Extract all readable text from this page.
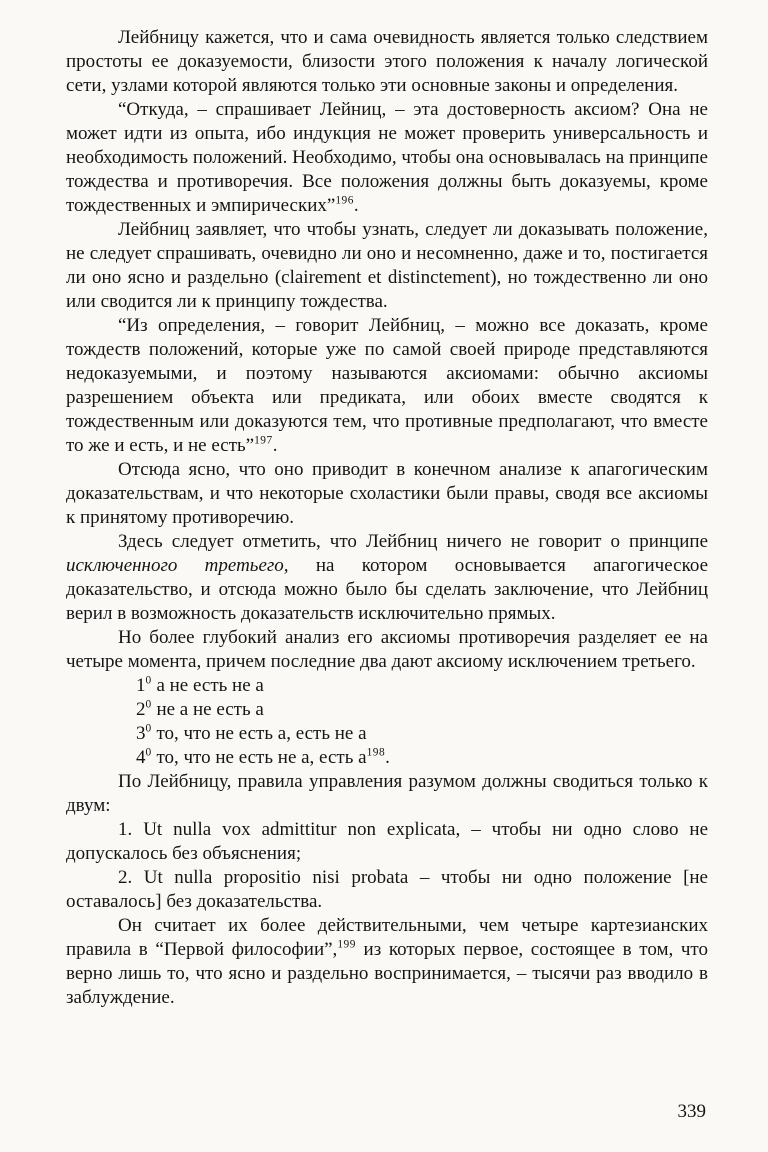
Лейбницу кажется, что и сама очевидность является только следствием простоты ее доказуемости, близости этого положения к началу логической сети, узлами которой являются только эти основные законы и определения.

“Откуда, – спрашивает Лейниц, – эта достоверность аксиом? Она не может идти из опыта, ибо индукция не может проверить универсальность и необходимость положений. Необходимо, чтобы она основывалась на принципе тождества и противоречия. Все положения должны быть доказуемы, кроме тождественных и эмпирических”$^{196}$.

Лейбниц заявляет, что чтобы узнать, следует ли доказывать положение, не следует спрашивать, очевидно ли оно и несомненно, даже и то, постигается ли оно ясно и раздельно (clairement et distinctement), но тождественно ли оно или сводится ли к принципу тождества.

“Из определения, – говорит Лейбниц, – можно все доказать, кроме тождеств положений, которые уже по самой своей природе представляются недоказуемыми, и поэтому называются аксиомами: обычно аксиомы разрешением объекта или предиката, или обоих вместе сводятся к тождественным или доказуются тем, что противные предполагают, что вместе то же и есть, и не есть”$^{197}$.

Отсюда ясно, что оно приводит в конечном анализе к апагогическим доказательствам, и что некоторые схоластики были правы, сводя все аксиомы к принятому противоречию.

Здесь следует отметить, что Лейбниц ничего не говорит о принципе исключенного третьего, на котором основывается апагогическое доказательство, и отсюда можно было бы сделать заключение, что Лейбниц верил в возможность доказательств исключительно прямых.

Но более глубокий анализ его аксиомы противоречия разделяет ее на четыре момента, причем последние два дают аксиому исключением третьего.

$1^0$ а не есть не а

$2^0$ не а не есть а

$3^0$ то, что не есть а, есть не а

$4^0$ то, что не есть не а, есть $а^{198}$.

По Лейбницу, правила управления разумом должны сводиться только к двум:

1. Ut nulla vox admittitur non explicata, – чтобы ни одно слово не допускалось без объяснения;

2. Ut nulla propositio nisi probata – чтобы ни одно положение [не оставалось] без доказательства.

Он считает их более действительными, чем четыре картезианских правила в “Первой философии”,$^{199}$ из которых первое, состоящее в том, что верно лишь то, что ясно и раздельно воспринимается, – тысячи раз вводило в заблуждение.

339
